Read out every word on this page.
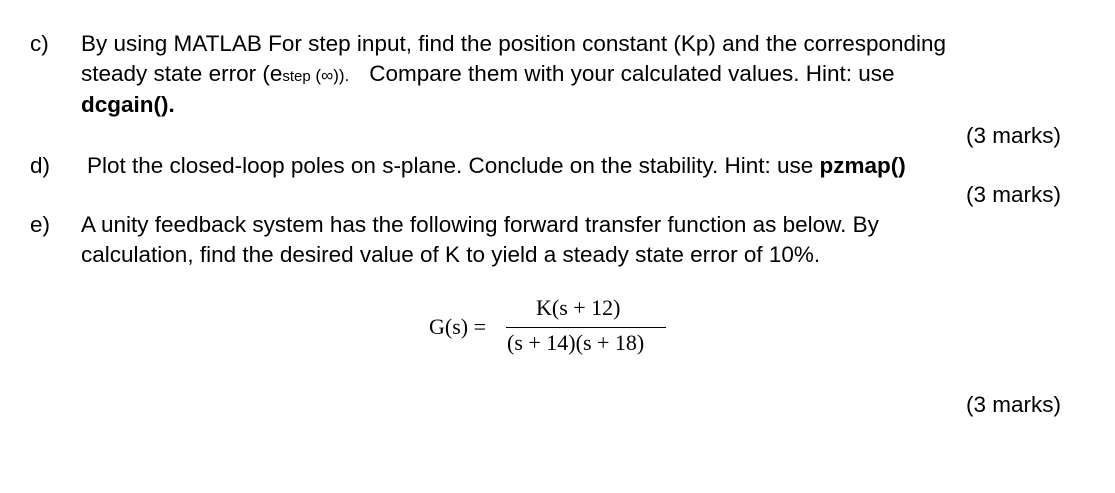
c) By using MATLAB For step input, find the position constant (Kp) and the corresponding
steady state error (estep (∞)). Compare them with your calculated values. Hint: use
dcgain().
(3 marks)
d) Plot the closed-loop poles on s-plane. Conclude on the stability. Hint: use pzmap()
(3 marks)
e) A unity feedback system has the following forward transfer function as below. By
calculation, find the desired value of K to yield a steady state error of 10%.
G(s) =
K(s + 12)
(s + 14)(s + 18)
(3 marks)
